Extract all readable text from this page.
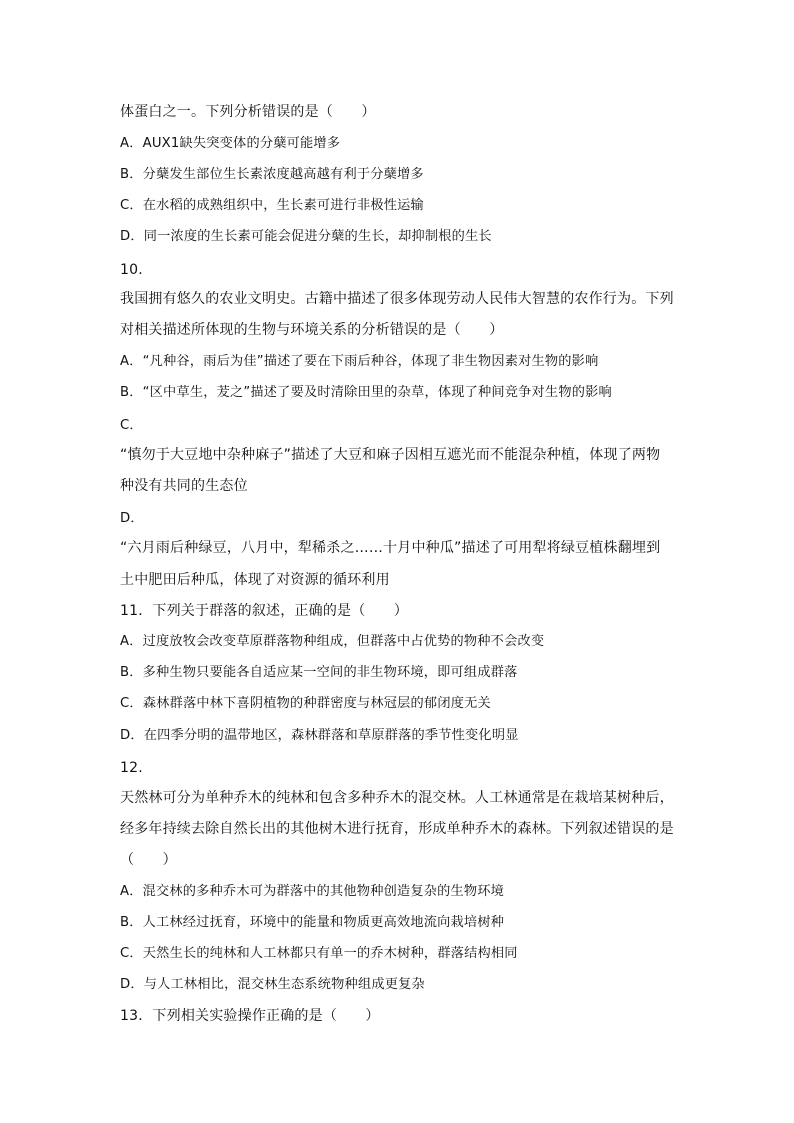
体蛋白之一。下列分析错误的是（　　）
A．AUX1缺失突变体的分蘖可能增多
B．分蘖发生部位生长素浓度越高越有利于分蘖增多
C．在水稻的成熟组织中，生长素可进行非极性运输
D．同一浓度的生长素可能会促进分蘖的生长，却抑制根的生长
10.
我国拥有悠久的农业文明史。古籍中描述了很多体现劳动人民伟大智慧的农作行为。下列
对相关描述所体现的生物与环境关系的分析错误的是（　　）
A．“凡种谷，雨后为佳”描述了要在下雨后种谷，体现了非生物因素对生物的影响
B．“区中草生，茇之”描述了要及时清除田里的杂草，体现了种间竞争对生物的影响
C．
“慎勿于大豆地中杂种麻子”描述了大豆和麻子因相互遮光而不能混杂种植，体现了两物
种没有共同的生态位
D．
“六月雨后种绿豆，八月中，犁稀杀之……十月中种瓜”描述了可用犁将绿豆植株翻埋到
土中肥田后种瓜，体现了对资源的循环利用
11．下列关于群落的叙述，正确的是（　　）
A．过度放牧会改变草原群落物种组成，但群落中占优势的物种不会改变
B．多种生物只要能各自适应某一空间的非生物环境，即可组成群落
C．森林群落中林下喜阴植物的种群密度与林冠层的郁闭度无关
D．在四季分明的温带地区，森林群落和草原群落的季节性变化明显
12.
天然林可分为单种乔木的纯林和包含多种乔木的混交林。人工林通常是在栽培某树种后，
经多年持续去除自然长出的其他树木进行抚育，形成单种乔木的森林。下列叙述错误的是
（　　）
A．混交林的多种乔木可为群落中的其他物种创造复杂的生物环境
B．人工林经过抚育，环境中的能量和物质更高效地流向栽培树种
C．天然生长的纯林和人工林都只有单一的乔木树种，群落结构相同
D．与人工林相比，混交林生态系统物种组成更复杂
13．下列相关实验操作正确的是（　　）
